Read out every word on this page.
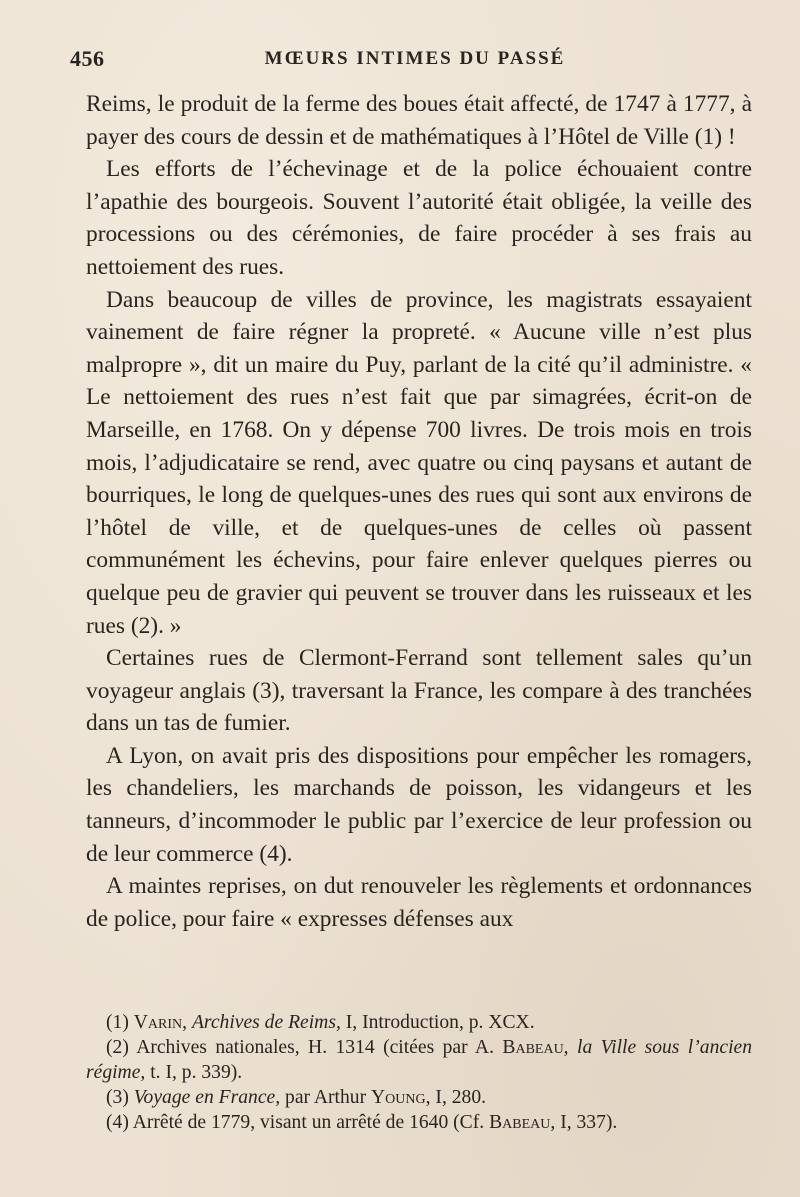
456	MŒURS INTIMES DU PASSÉ

Reims, le produit de la ferme des boues était affecté, de 1747 à 1777, à payer des cours de dessin et de mathématiques à l’Hôtel de Ville (1) !

Les efforts de l’échevinage et de la police échouaient contre l’apathie des bourgeois. Souvent l’autorité était obligée, la veille des processions ou des cérémonies, de faire procéder à ses frais au nettoiement des rues.

Dans beaucoup de villes de province, les magistrats essayaient vainement de faire régner la propreté. « Aucune ville n’est plus malpropre », dit un maire du Puy, parlant de la cité qu’il administre. « Le nettoiement des rues n’est fait que par simagrées, écrit-on de Marseille, en 1768. On y dépense 700 livres. De trois mois en trois mois, l’adjudicataire se rend, avec quatre ou cinq paysans et autant de bourriques, le long de quelques-unes des rues qui sont aux environs de l’hôtel de ville, et de quelques-unes de celles où passent communément les échevins, pour faire enlever quelques pierres ou quelque peu de gravier qui peuvent se trouver dans les ruisseaux et les rues (2). »

Certaines rues de Clermont-Ferrand sont tellement sales qu’un voyageur anglais (3), traversant la France, les compare à des tranchées dans un tas de fumier.

A Lyon, on avait pris des dispositions pour empêcher les romagers, les chandeliers, les marchands de poisson, les vidangeurs et les tanneurs, d’incommoder le public par l’exercice de leur profession ou de leur commerce (4).

A maintes reprises, on dut renouveler les règlements et ordonnances de police, pour faire « expresses défenses aux

(1) Varin, Archives de Reims, I, Introduction, p. XCX.

(2) Archives nationales, H. 1314 (citées par A. Babeau, la Ville sous l’ancien régime, t. I, p. 339).

(3) Voyage en France, par Arthur Young, I, 280.

(4) Arrêté de 1779, visant un arrêté de 1640 (Cf. Babeau, I, 337).
